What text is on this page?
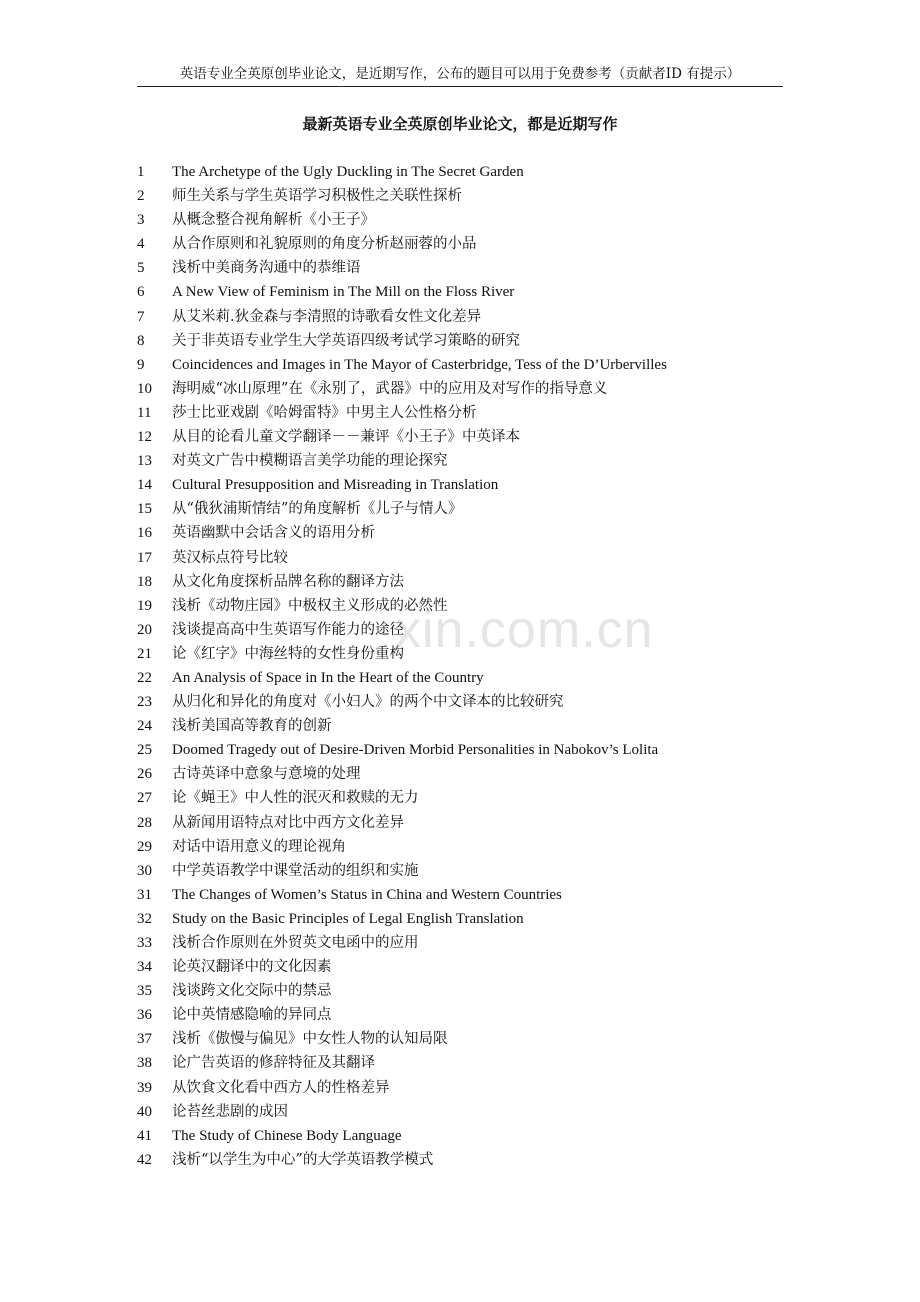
英语专业全英原创毕业论文，是近期写作，公布的题目可以用于免费参考（贡献者ID 有提示）
最新英语专业全英原创毕业论文，都是近期写作
1 The Archetype of the Ugly Duckling in The Secret Garden
2 师生关系与学生英语学习积极性之关联性探析
3 从概念整合视角解析《小王子》
4 从合作原则和礼貌原则的角度分析赵丽蓉的小品
5 浅析中美商务沟通中的恭维语
6 A New View of Feminism in The Mill on the Floss River
7 从艾米莉.狄金森与李清照的诗歌看女性文化差异
8 关于非英语专业学生大学英语四级考试学习策略的研究
9 Coincidences and Images in The Mayor of Casterbridge, Tess of the D’Urbervilles
10 海明威“冰山原理”在《永别了，武器》中的应用及对写作的指导意义
11 莎士比亚戏剧《哈姆雷特》中男主人公性格分析
12 从目的论看儿童文学翻译－－兼评《小王子》中英译本
13 对英文广告中模糊语言美学功能的理论探究
14 Cultural Presupposition and Misreading in Translation
15 从“俄狄浦斯情结”的角度解析《儿子与情人》
16 英语幽默中会话含义的语用分析
17 英汉标点符号比较
18 从文化角度探析品牌名称的翻译方法
19 浅析《动物庄园》中极权主义形成的必然性
20 浅谈提高高中生英语写作能力的途径
21 论《红字》中海丝特的女性身份重构
22 An Analysis of Space in In the Heart of the Country
23 从归化和异化的角度对《小妇人》的两个中文译本的比较研究
24 浅析美国高等教育的创新
25 Doomed Tragedy out of Desire-Driven Morbid Personalities in Nabokov’s Lolita
26 古诗英译中意象与意境的处理
27 论《蝇王》中人性的泯灭和救赎的无力
28 从新闻用语特点对比中西方文化差异
29 对话中语用意义的理论视角
30 中学英语教学中课堂活动的组织和实施
31 The Changes of Women’s Status in China and Western Countries
32 Study on the Basic Principles of Legal English Translation
33 浅析合作原则在外贸英文电函中的应用
34 论英汉翻译中的文化因素
35 浅谈跨文化交际中的禁忌
36 论中英情感隐喻的异同点
37 浅析《傲慢与偏见》中女性人物的认知局限
38 论广告英语的修辞特征及其翻译
39 从饮食文化看中西方人的性格差异
40 论苔丝悲剧的成因
41 The Study of Chinese Body Language
42 浅析“以学生为中心”的大学英语教学模式
xin.com.cn
